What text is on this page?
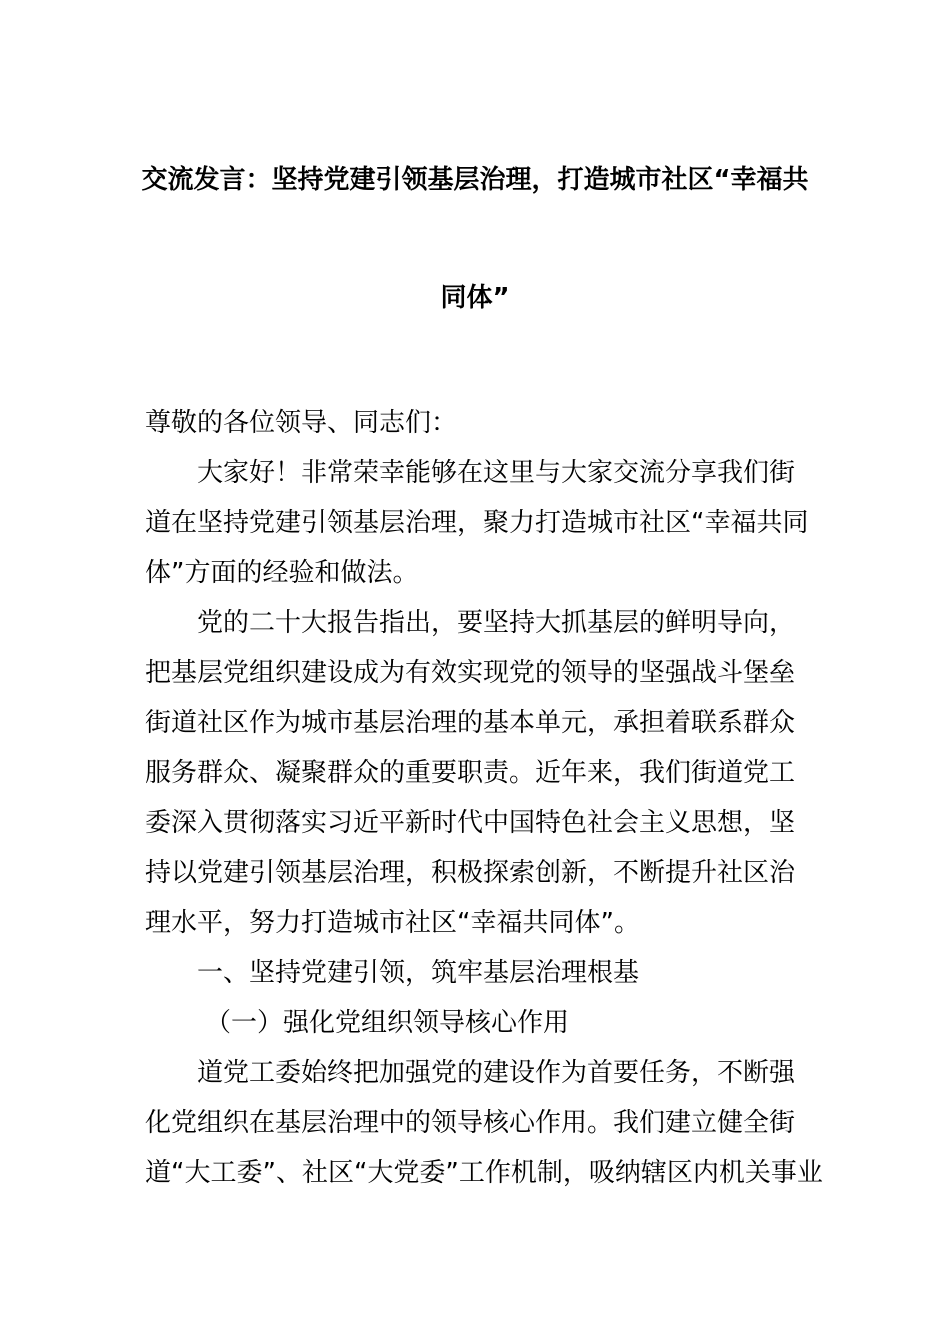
交流发言：坚持党建引领基层治理，打造城市社区“幸福共
同体”
尊敬的各位领导、同志们：
大家好！非常荣幸能够在这里与大家交流分享我们街
道在坚持党建引领基层治理，聚力打造城市社区“幸福共同
体”方面的经验和做法。
党的二十大报告指出，要坚持大抓基层的鲜明导向，
把基层党组织建设成为有效实现党的领导的坚强战斗堡垒
街道社区作为城市基层治理的基本单元，承担着联系群众
服务群众、凝聚群众的重要职责。近年来，我们街道党工
委深入贯彻落实习近平新时代中国特色社会主义思想，坚
持以党建引领基层治理，积极探索创新，不断提升社区治
理水平，努力打造城市社区“幸福共同体”。
一、坚持党建引领，筑牢基层治理根基
（一）强化党组织领导核心作用
道党工委始终把加强党的建设作为首要任务，不断强
化党组织在基层治理中的领导核心作用。我们建立健全街
道“大工委”、社区“大党委”工作机制，吸纳辖区内机关事业
